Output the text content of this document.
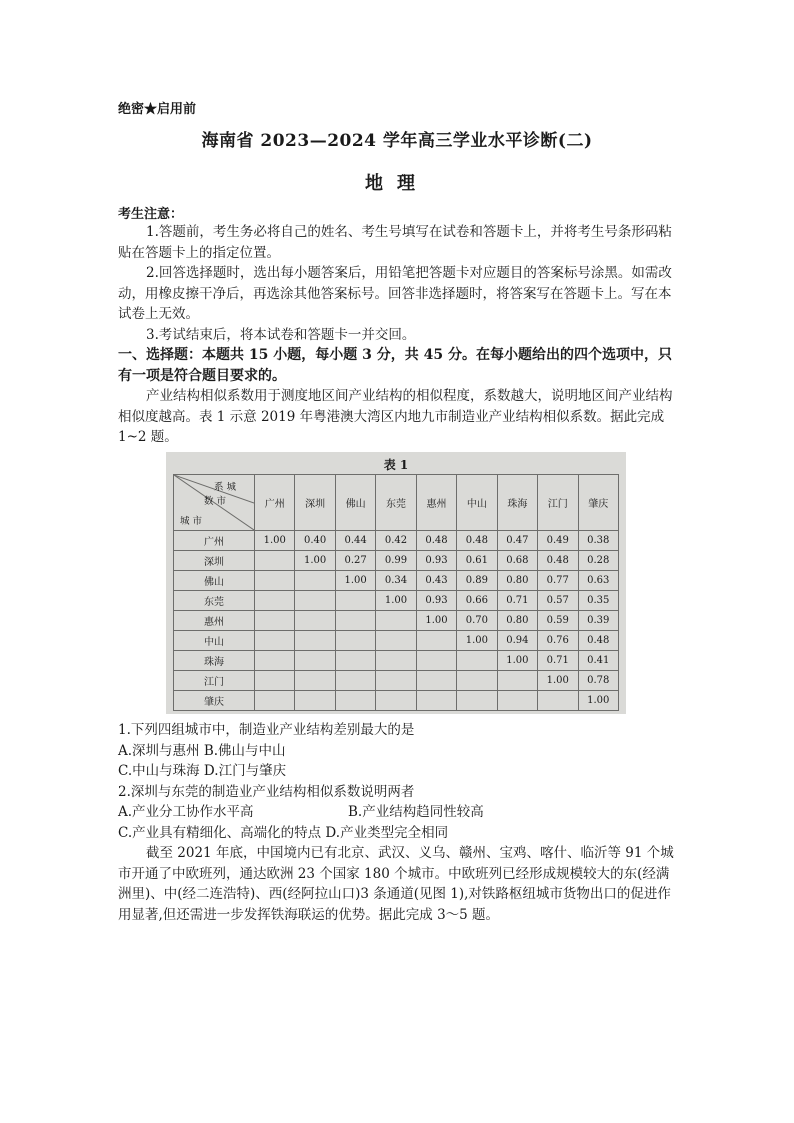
绝密★启用前
海南省 2023—2024 学年高三学业水平诊断(二)
地理
考生注意：

1.答题前，考生务必将自己的姓名、考生号填写在试卷和答题卡上，并将考生号条形码粘贴在答题卡上的指定位置。

2.回答选择题时，选出每小题答案后，用铅笔把答题卡对应题目的答案标号涂黑。如需改动，用橡皮擦干净后，再选涂其他答案标号。回答非选择题时，将答案写在答题卡上。写在本试卷上无效。

3.考试结束后，将本试卷和答题卡一并交回。

一、选择题：本题共 15 小题，每小题 3 分，共 45 分。在每小题给出的四个选项中，只有一项是符合题目要求的。

产业结构相似系数用于测度地区间产业结构的相似程度，系数越大，说明地区间产业结构相似度越高。表 1 示意 2019 年粤港澳大湾区内地九市制造业产业结构相似系数。据此完成 1~2 题。

表 1
系 城
数 市
城 市	广州	深圳	佛山	东莞	惠州	中山	珠海	江门	肇庆
广州	1.00	0.40	0.44	0.42	0.48	0.48	0.47	0.49	0.38
深圳		1.00	0.27	0.99	0.93	0.61	0.68	0.48	0.28
佛山			1.00	0.34	0.43	0.89	0.80	0.77	0.63
东莞				1.00	0.93	0.66	0.71	0.57	0.35
惠州					1.00	0.70	0.80	0.59	0.39
中山						1.00	0.94	0.76	0.48
珠海							1.00	0.71	0.41
江门								1.00	0.78
肇庆									1.00

1.下列四组城市中，制造业产业结构差别最大的是

A.深圳与惠州 B.佛山与中山

C.中山与珠海 D.江门与肇庆

2.深圳与东莞的制造业产业结构相似系数说明两者

A.产业分工协作水平高	B.产业结构趋同性较高

C.产业具有精细化、高端化的特点 D.产业类型完全相同

截至 2021 年底，中国境内已有北京、武汉、义乌、赣州、宝鸡、喀什、临沂等 91 个城市开通了中欧班列，通达欧洲 23 个国家 180 个城市。中欧班列已经形成规模较大的东(经满洲里)、中(经二连浩特)、西(经阿拉山口)3 条通道(见图 1),对铁路枢纽城市货物出口的促进作用显著,但还需进一步发挥铁海联运的优势。据此完成 3～5 题。
